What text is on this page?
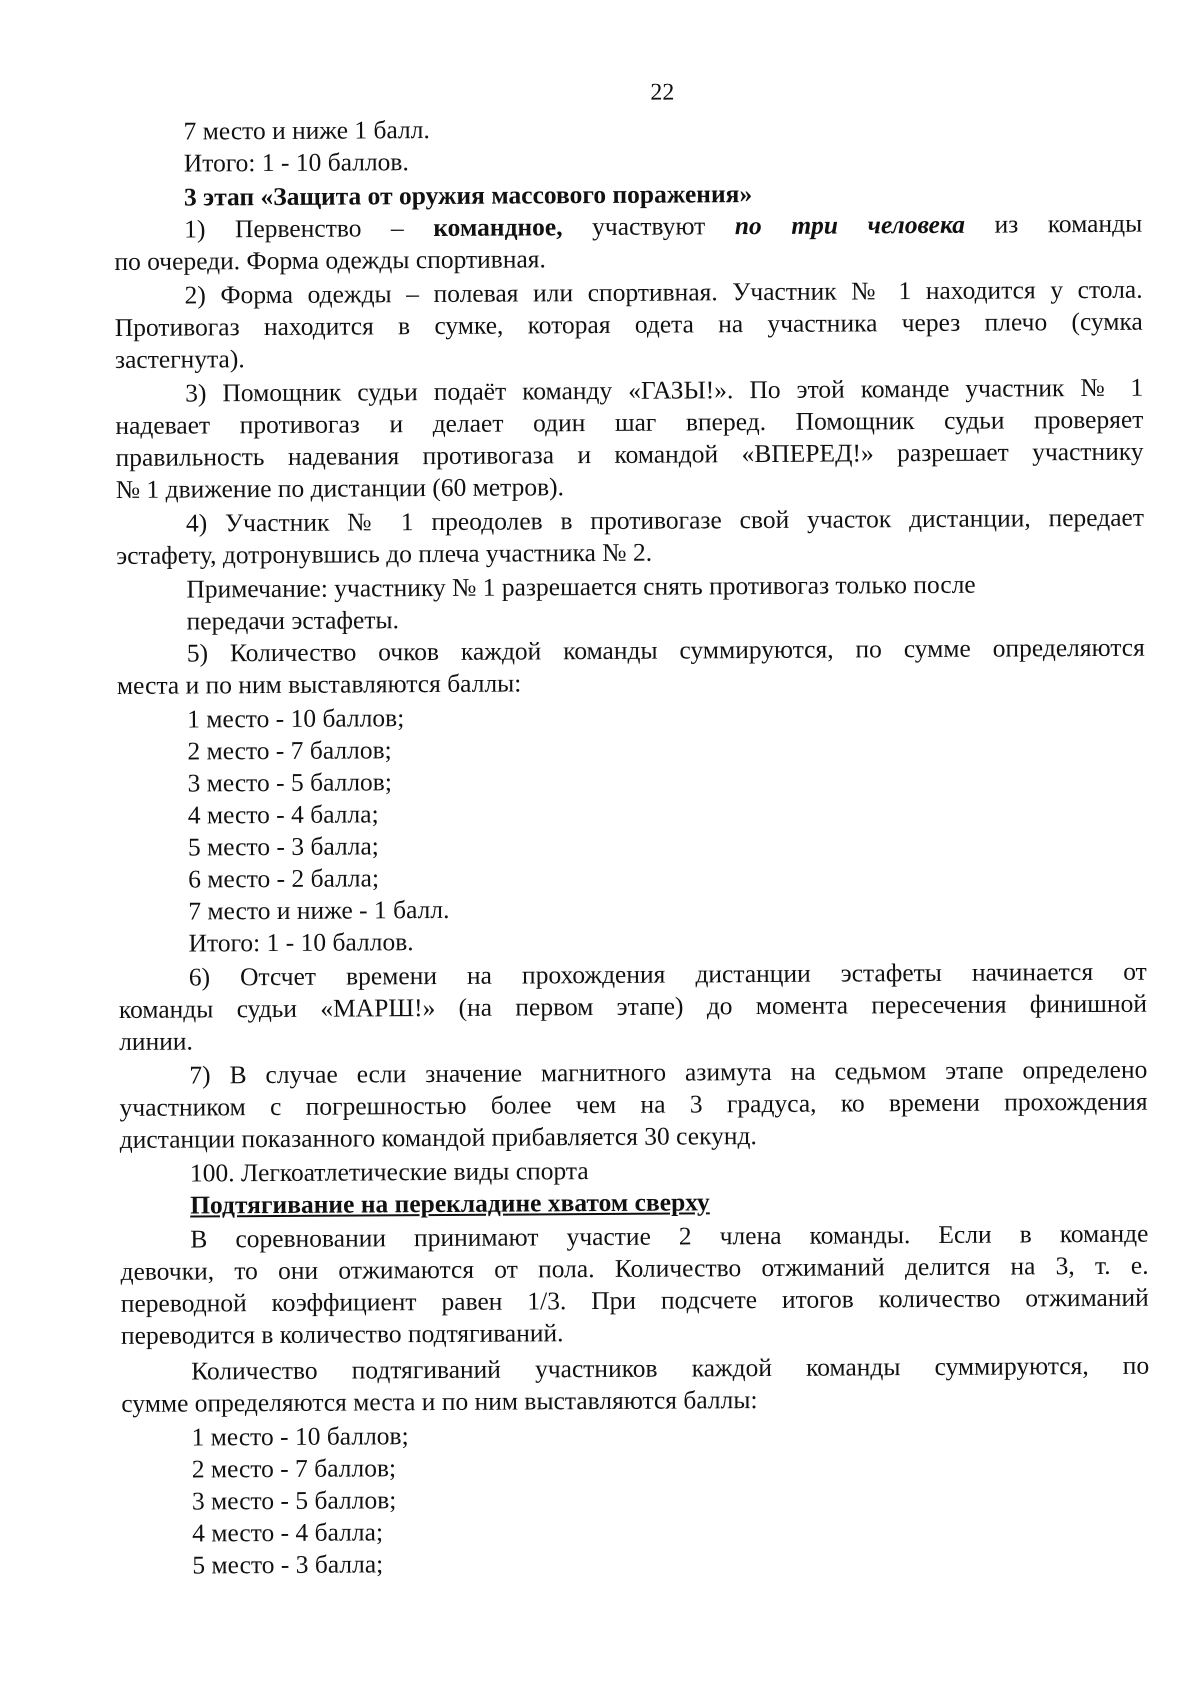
22
7 место и ниже 1 балл.
Итого: 1 - 10 баллов.
3 этап «Защита от оружия массового поражения»
1) Первенство – командное, участвуют по три человека из команды
по очереди. Форма одежды спортивная.
2) Форма одежды – полевая или спортивная. Участник № 1 находится у стола.
Противогаз находится в сумке, которая одета на участника через плечо (сумка
застегнута).
3) Помощник судьи подаёт команду «ГАЗЫ!». По этой команде участник № 1
надевает противогаз и делает один шаг вперед. Помощник судьи проверяет
правильность надевания противогаза и командой «ВПЕРЕД!» разрешает участнику
№ 1 движение по дистанции (60 метров).
4) Участник № 1 преодолев в противогазе свой участок дистанции, передает
эстафету, дотронувшись до плеча участника № 2.
Примечание: участнику № 1 разрешается снять противогаз только после
передачи эстафеты.
5) Количество очков каждой команды суммируются, по сумме определяются
места и по ним выставляются баллы:
1 место - 10 баллов;
2 место - 7 баллов;
3 место - 5 баллов;
4 место - 4 балла;
5 место - 3 балла;
6 место - 2 балла;
7 место и ниже - 1 балл.
Итого: 1 - 10 баллов.
6) Отсчет времени на прохождения дистанции эстафеты начинается от
команды судьи «МАРШ!» (на первом этапе) до момента пересечения финишной
линии.
7) В случае если значение магнитного азимута на седьмом этапе определено
участником с погрешностью более чем на 3 градуса, ко времени прохождения
дистанции показанного командой прибавляется 30 секунд.
100. Легкоатлетические виды спорта
Подтягивание на перекладине хватом сверху
В соревновании принимают участие 2 члена команды. Если в команде
девочки, то они отжимаются от пола. Количество отжиманий делится на 3, т. е.
переводной коэффициент равен 1/3. При подсчете итогов количество отжиманий
переводится в количество подтягиваний.
Количество подтягиваний участников каждой команды суммируются, по
сумме определяются места и по ним выставляются баллы:
1 место - 10 баллов;
2 место - 7 баллов;
3 место - 5 баллов;
4 место - 4 балла;
5 место - 3 балла;
